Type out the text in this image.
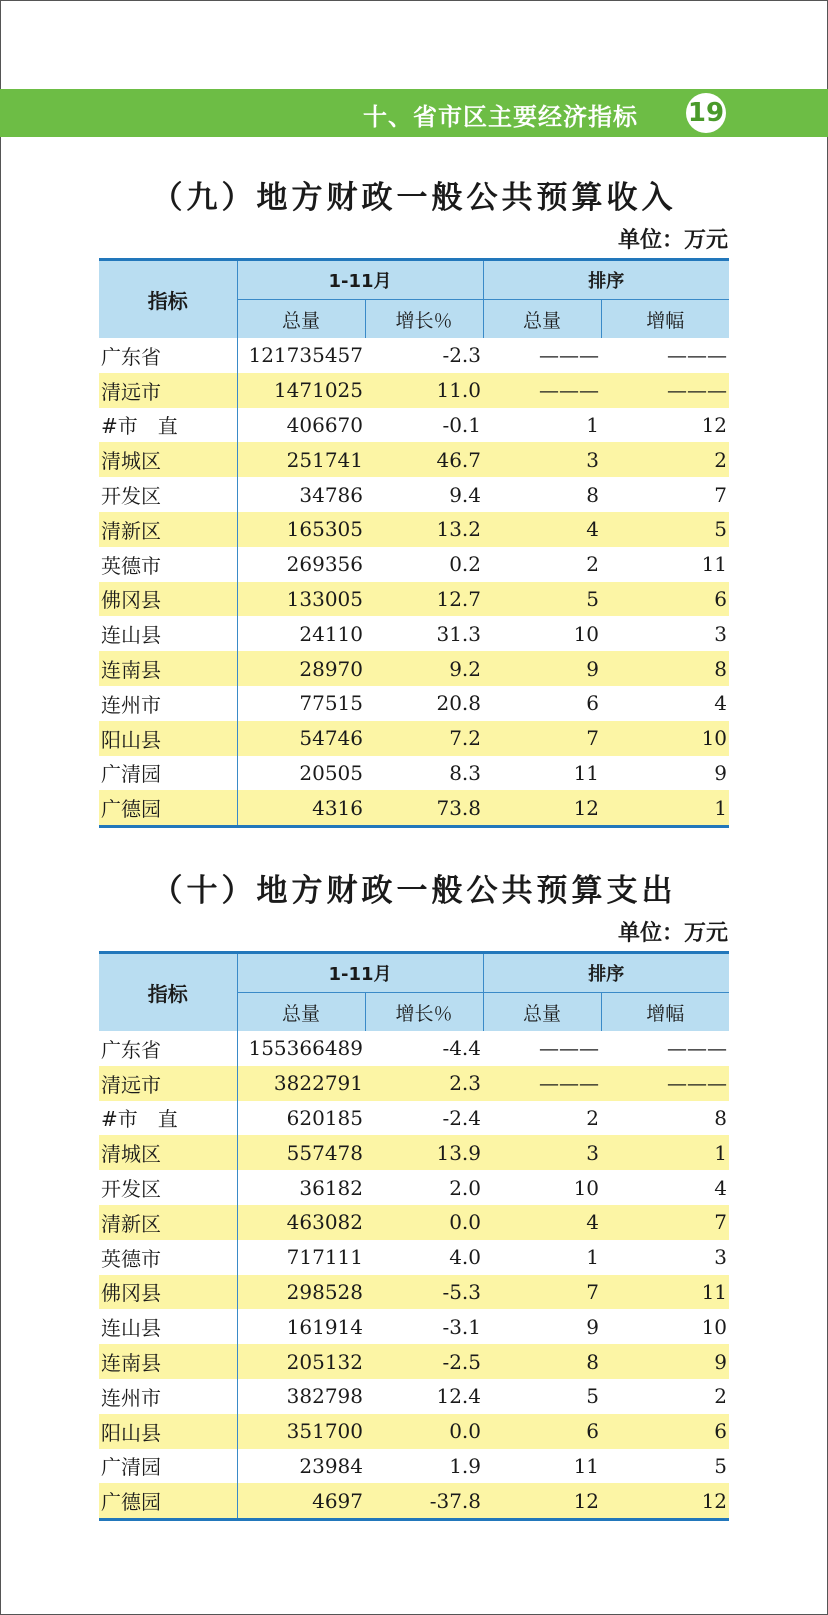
十、省市区主要经济指标 19
（九）地方财政一般公共预算收入
单位：万元
指标	1-11月		排序	
	总量	增长％	总量	增幅
广东省	121735457	-2.3	———	———
清远市	1471025	11.0	———	———
#市　直	406670	-0.1	1	12
清城区	251741	46.7	3	2
开发区	34786	9.4	8	7
清新区	165305	13.2	4	5
英德市	269356	0.2	2	11
佛冈县	133005	12.7	5	6
连山县	24110	31.3	10	3
连南县	28970	9.2	9	8
连州市	77515	20.8	6	4
阳山县	54746	7.2	7	10
广清园	20505	8.3	11	9
广德园	4316	73.8	12	1
（十）地方财政一般公共预算支出
单位：万元
指标	1-11月		排序	
	总量	增长％	总量	增幅
广东省	155366489	-4.4	———	———
清远市	3822791	2.3	———	———
#市　直	620185	-2.4	2	8
清城区	557478	13.9	3	1
开发区	36182	2.0	10	4
清新区	463082	0.0	4	7
英德市	717111	4.0	1	3
佛冈县	298528	-5.3	7	11
连山县	161914	-3.1	9	10
连南县	205132	-2.5	8	9
连州市	382798	12.4	5	2
阳山县	351700	0.0	6	6
广清园	23984	1.9	11	5
广德园	4697	-37.8	12	12
